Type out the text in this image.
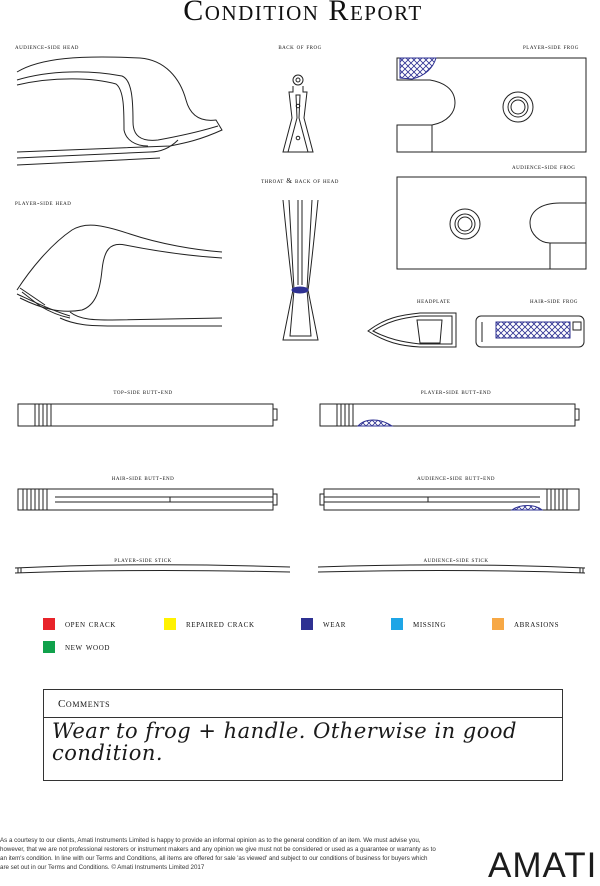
Condition Report
audience-side head	back of frog	player-side frog
audience-side frog
throat & back of head
player-side head
headplate	hair-side frog
top-side butt-end	player-side butt-end
hair-side butt-end	audience-side butt-end
player-side stick	audience-side stick
open crack	repaired crack	wear	missing	abrasions
new wood
Comments
Wear to frog + handle. Otherwise in good condition.
As a courtesy to our clients, Amati Instruments Limited is happy to provide an informal opinion as to the general condition of an item. We must advise you, however, that we are not professional restorers or instrument makers and any opinion we give must not be considered or used as a guarantee or warranty as to an item's condition. In line with our Terms and Conditions, all items are offered for sale 'as viewed' and subject to our conditions of business for buyers which are set out in our Terms and Conditions. © Amati Instruments Limited 2017	AMATI
